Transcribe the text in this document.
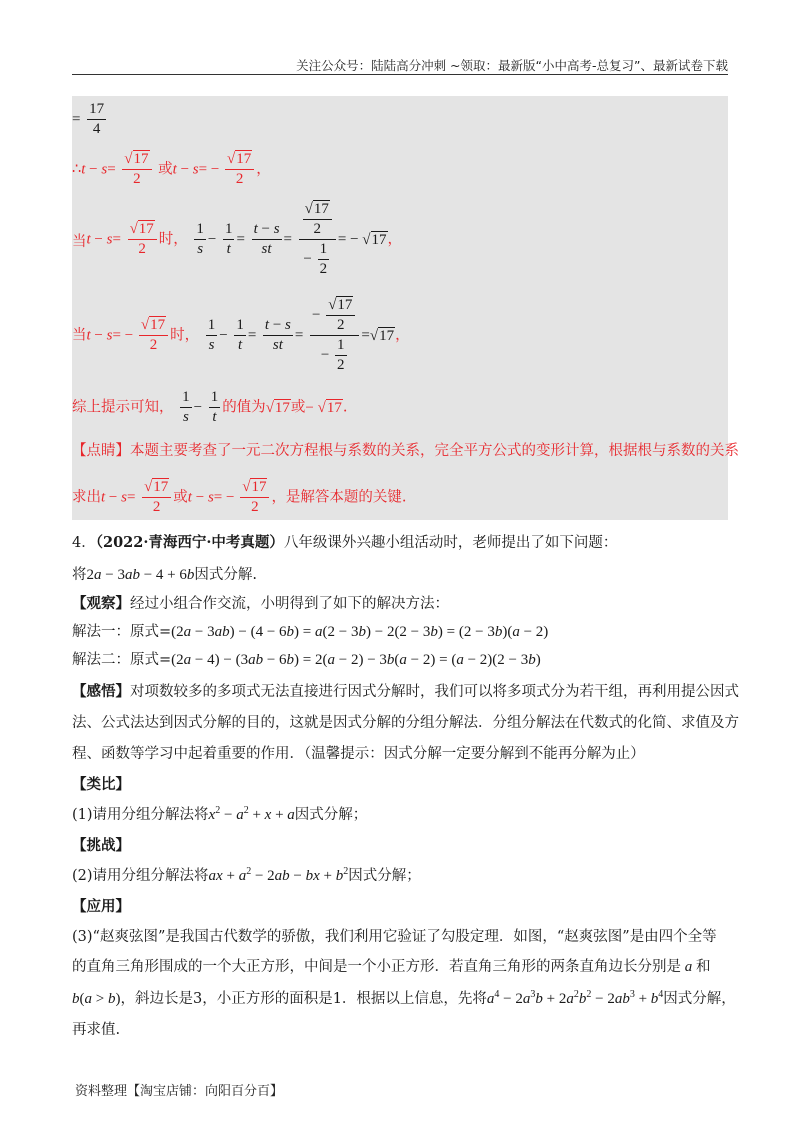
关注公众号：陆陆高分冲刺 ~领取：最新版“小中高考-总复习”、最新试卷下载
= $\frac{17}{4}$
∴t − $s= \frac{√17}{2}$ 或$t - s= - \frac{√17}{2}$ ，
当$t - s= \frac{√17}{2}$ 时， $\frac{1}{s} - \frac{1}{t} = \frac{t - s}{st} = \frac{\frac{√17}{2}}{- \frac{1}{2}}$ = − √17，
当$t - s= - \frac{√17}{2}$ 时， $\frac{1}{s} - \frac{1}{t} = \frac{t - s}{st} = \frac{- \frac{√17}{2}}{- \frac{1}{2}} =√17$，
综上提示可知， $\frac{1}{s} - \frac{1}{t}$ 的值为√17或− √17.
【点睛】本题主要考查了一元二次方程根与系数的关系，完全平方公式的变形计算，根据根与系数的关系
求出$t - s= \frac{√17}{2}$ 或$t - s= - \frac{√17}{2}$ ，是解答本题的关键.
4．（2022·青海西宁·中考真题）八年级课外兴趣小组活动时，老师提出了如下问题：
将2a − 3ab − 4 + 6b因式分解.
【观察】经过小组合作交流，小明得到了如下的解决方法：
解法一：原式=(2a − 3ab) − (4 − 6b) = a(2 − 3b) − 2(2 − 3b) = (2 − 3b)(a − 2)
解法二：原式=(2a − 4) − (3ab − 6b) = 2(a − 2) − 3b(a − 2) = (a − 2)(2 − 3b)
【感悟】对项数较多的多项式无法直接进行因式分解时，我们可以将多项式分为若干组，再利用提公因式
法、公式法达到因式分解的目的，这就是因式分解的分组分解法．分组分解法在代数式的化简、求值及方
程、函数等学习中起着重要的作用．（温馨提示：因式分解一定要分解到不能再分解为止）
【类比】
(1)请用分组分解法将$x^2 - a^2 + x + a$因式分解；
【挑战】
(2)请用分组分解法将ax + $a^2 - 2ab$ − bx + $b^2$因式分解；
【应用】
(3)“赵爽弦图”是我国古代数学的骄傲，我们利用它验证了勾股定理．如图，“赵爽弦图”是由四个全等
的直角三角形围成的一个大正方形，中间是一个小正方形．若直角三角形的两条直角边长分别是 a 和
b(a > b)，斜边长是3，小正方形的面积是1．根据以上信息，先将$a^4 - 2a^3b + 2a^2b^2 - 2ab^3 + b^4$因式分解，
再求值.
资料整理【淘宝店铺：向阳百分百】
